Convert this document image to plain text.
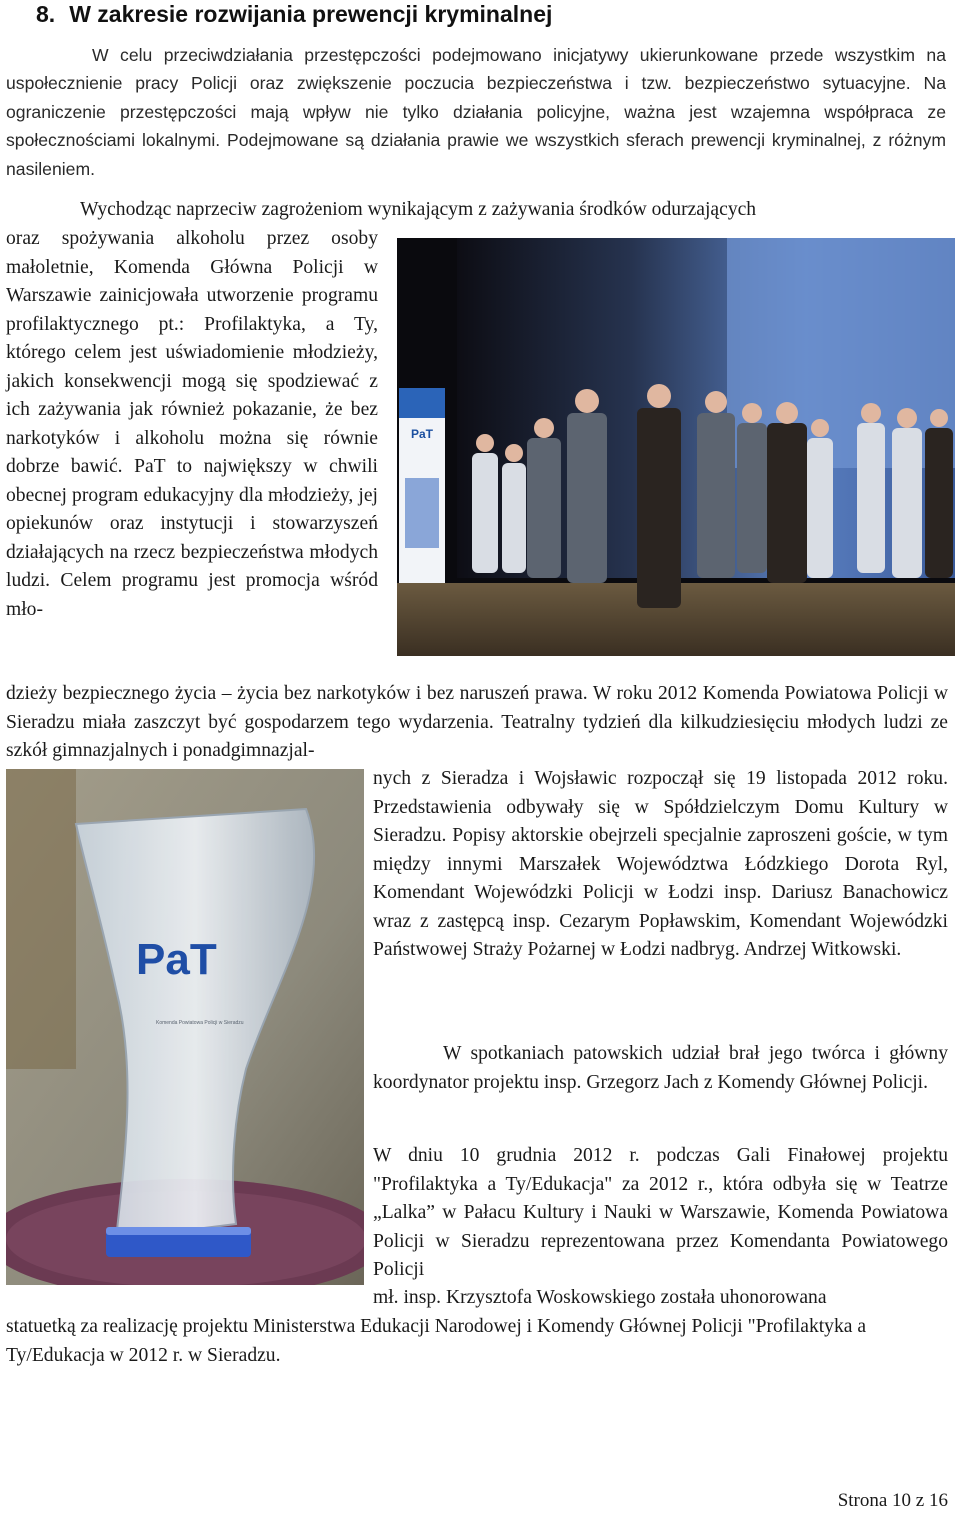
8. W zakresie rozwijania prewencji kryminalnej

W celu przeciwdziałania przestępczości podejmowano inicjatywy ukierunkowane przede wszystkim na uspołecznienie pracy Policji oraz zwiększenie poczucia bezpieczeństwa i tzw. bezpieczeństwo sytuacyjne. Na ograniczenie przestępczości mają wpływ nie tylko działania policyjne, ważna jest wzajemna współpraca ze społecznościami lokalnymi. Podejmowane są działania prawie we wszystkich sferach prewencji kryminalnej, z różnym nasileniem.

Wychodząc naprzeciw zagrożeniom wynikającym z zażywania środków odurzających

oraz spożywania alkoholu przez osoby małoletnie, Komenda Główna Policji w Warszawie zainicjowała utworzenie programu profilaktycznego pt.: Profilaktyka, a Ty, którego celem jest uświadomienie młodzieży, jakich konsekwencji mogą się spodziewać z ich zażywania jak również pokazanie, że bez narkotyków i alkoholu można się równie dobrze bawić. PaT to największy w chwili obecnej program edukacyjny dla młodzieży, jej opiekunów oraz instytucji i stowarzyszeń działających na rzecz bezpieczeństwa młodych ludzi. Celem programu jest promocja wśród mło-

dzieży bezpiecznego życia – życia bez narkotyków i bez naruszeń prawa. W roku 2012 Komenda Powiatowa Policji w Sieradzu miała zaszczyt być gospodarzem tego wydarzenia. Teatralny tydzień dla kilkudziesięciu młodych ludzi ze szkół gimnazjalnych i ponadgimnazjal-

nych z Sieradza i Wojsławic rozpoczął się 19 listopada 2012 roku. Przedstawienia odbywały się w Spółdzielczym Domu Kultury w Sieradzu. Popisy aktorskie obejrzeli specjalnie zaproszeni goście, w tym między innymi Marszałek Województwa Łódzkiego Dorota Ryl, Komendant Wojewódzki Policji w Łodzi insp. Dariusz Banachowicz wraz z zastępcą insp. Cezarym Popławskim, Komendant Wojewódzki Państwowej Straży Pożarnej w Łodzi nadbryg. Andrzej Witkowski.

W spotkaniach patowskich udział brał jego twórca i główny koordynator projektu insp. Grzegorz Jach z Komendy Głównej Policji.

W dniu 10 grudnia 2012 r. podczas Gali Finałowej projektu "Profilaktyka a Ty/Edukacja" za 2012 r., która odbyła się w Teatrze „Lalka” w Pałacu Kultury i Nauki w Warszawie, Komenda Powiatowa Policji w Sieradzu reprezentowana przez Komendanta Powiatowego Policji

mł. insp. Krzysztofa Woskowskiego została uhonorowana

statuetką za realizację projektu Ministerstwa Edukacji Narodowej i Komendy Głównej Policji "Profilaktyka a Ty/Edukacja w 2012 r. w Sieradzu.

PaT
PaT
Komenda Powiatowa Policji w Sieradzu
Strona 10 z 16
